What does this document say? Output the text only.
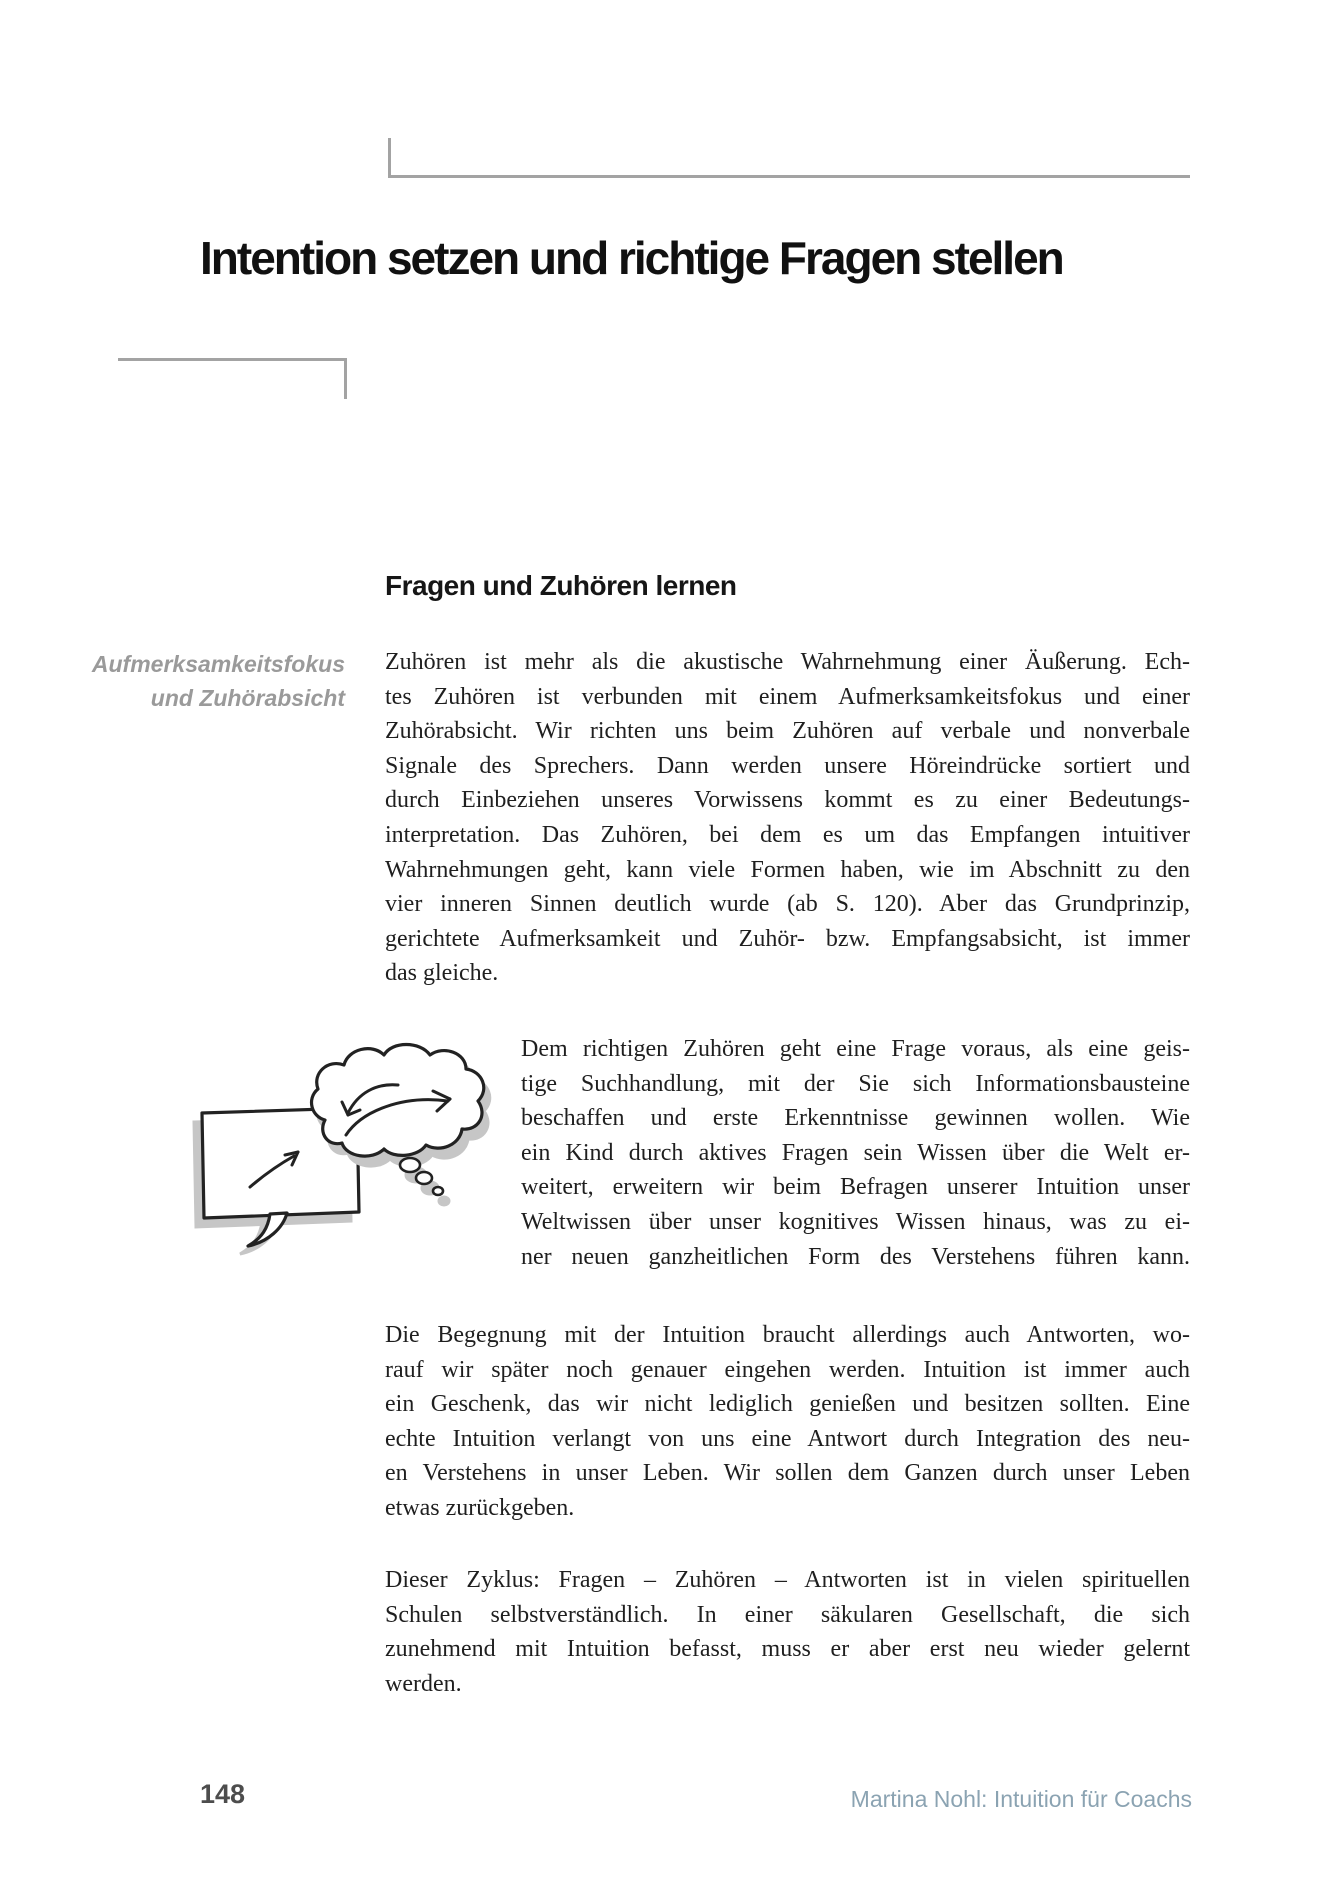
Intention setzen und richtige Fragen stellen
Fragen und Zuhören lernen
Aufmerksamkeitsfokus
und Zuhörabsicht
Zuhören ist mehr als die akustische Wahrnehmung einer Äußerung. Ech-
tes Zuhören ist verbunden mit einem Aufmerksamkeitsfokus und einer
Zuhörabsicht. Wir richten uns beim Zuhören auf verbale und nonverbale
Signale des Sprechers. Dann werden unsere Höreindrücke sortiert und
durch Einbeziehen unseres Vorwissens kommt es zu einer Bedeutungs-
interpretation. Das Zuhören, bei dem es um das Empfangen intuitiver
Wahrnehmungen geht, kann viele Formen haben, wie im Abschnitt zu den
vier inneren Sinnen deutlich wurde (ab S. 120). Aber das Grundprinzip,
gerichtete Aufmerksamkeit und Zuhör- bzw. Empfangsabsicht, ist immer
das gleiche.
Dem richtigen Zuhören geht eine Frage voraus, als eine geis-
tige Suchhandlung, mit der Sie sich Informationsbausteine
beschaffen und erste Erkenntnisse gewinnen wollen. Wie
ein Kind durch aktives Fragen sein Wissen über die Welt er-
weitert, erweitern wir beim Befragen unserer Intuition unser
Weltwissen über unser kognitives Wissen hinaus, was zu ei-
ner neuen ganzheitlichen Form des Verstehens führen kann.
Die Begegnung mit der Intuition braucht allerdings auch Antworten, wo-
rauf wir später noch genauer eingehen werden. Intuition ist immer auch
ein Geschenk, das wir nicht lediglich genießen und besitzen sollten. Eine
echte Intuition verlangt von uns eine Antwort durch Integration des neu-
en Verstehens in unser Leben. Wir sollen dem Ganzen durch unser Leben
etwas zurückgeben.
Dieser Zyklus: Fragen – Zuhören – Antworten ist in vielen spirituellen
Schulen selbstverständlich. In einer säkularen Gesellschaft, die sich
zunehmend mit Intuition befasst, muss er aber erst neu wieder gelernt
werden.
148	Martina Nohl: Intuition für Coachs
